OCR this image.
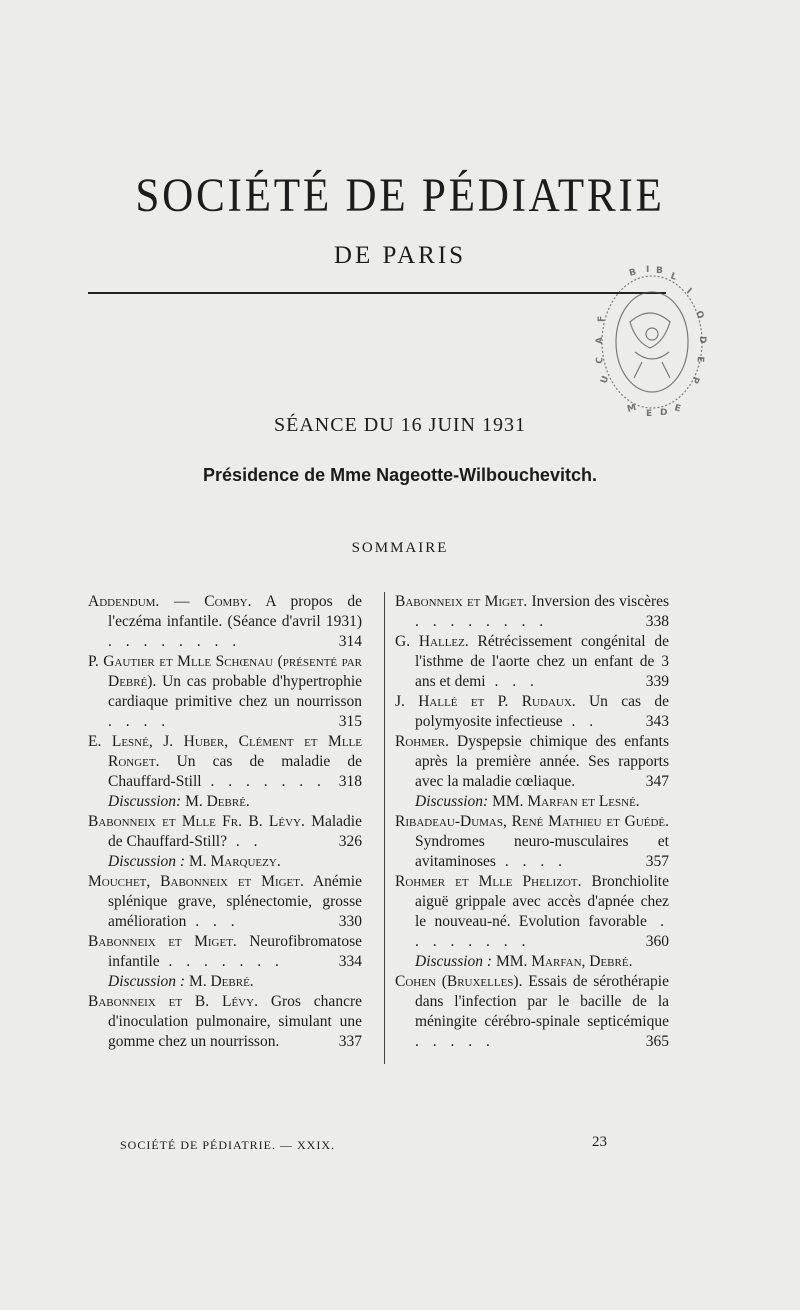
SOCIÉTÉ DE PÉDIATRIE
DE PARIS
B I B
L
I
O
D
E
P
F
A
C
U
M E D E
SÉANCE DU 16 JUIN 1931
Présidence de Mme Nageotte-Wilbouchevitch.
SOMMAIRE

Addendum. — Comby. A propos de l'eczéma infantile. (Séance d'avril 1931) . . . . . . . .	314

P. Gautier et Mlle Schœnau (présenté par Debré). Un cas probable d'hypertrophie cardiaque primitive chez un nourrisson . . . .	315

E. Lesné, J. Huber, Clément et Mlle Ronget. Un cas de maladie de Chauffard-Still . . . . . . . 318

Discussion: M. Debré.

Babonneix et Mlle Fr. B. Lévy. Maladie de Chauffard-Still? . .	326

Discussion : M. Marquezy.

Mouchet, Babonneix et Miget. Anémie splénique grave, splénectomie, grosse amélioration . . .	330

Babonneix et Miget. Neurofibromatose infantile . . . . . . .	334

Discussion : M. Debré.

Babonneix et B. Lévy. Gros chancre d'inoculation pulmonaire, simulant une gomme chez un nourrisson.	337

Babonneix et Miget. Inversion des viscères . . . . . . . .	338

G. Hallez. Rétrécissement congénital de l'isthme de l'aorte chez un enfant de 3 ans et demi . . .	339

J. Hallé et P. Rudaux. Un cas de polymyosite infectieuse . .	343

Rohmer. Dyspepsie chimique des enfants après la première année. Ses rapports avec la maladie cœliaque.	347

Discussion: MM. Marfan et Lesné.

Ribadeau-Dumas, René Mathieu et Guédé. Syndromes neuro-musculaires et avitaminoses . . . .	357

Rohmer et Mlle Phelizot. Bronchiolite aiguë grippale avec accès d'apnée chez le nouveau-né. Evolution favorable . . . . . . . .	360

Discussion : MM. Marfan, Debré.

Cohen (Bruxelles). Essais de sérothérapie dans l'infection par le bacille de la méningite cérébro-spinale septicémique . . . . .	365

SOCIÉTÉ DE PÉDIATRIE. — XXIX.	23
